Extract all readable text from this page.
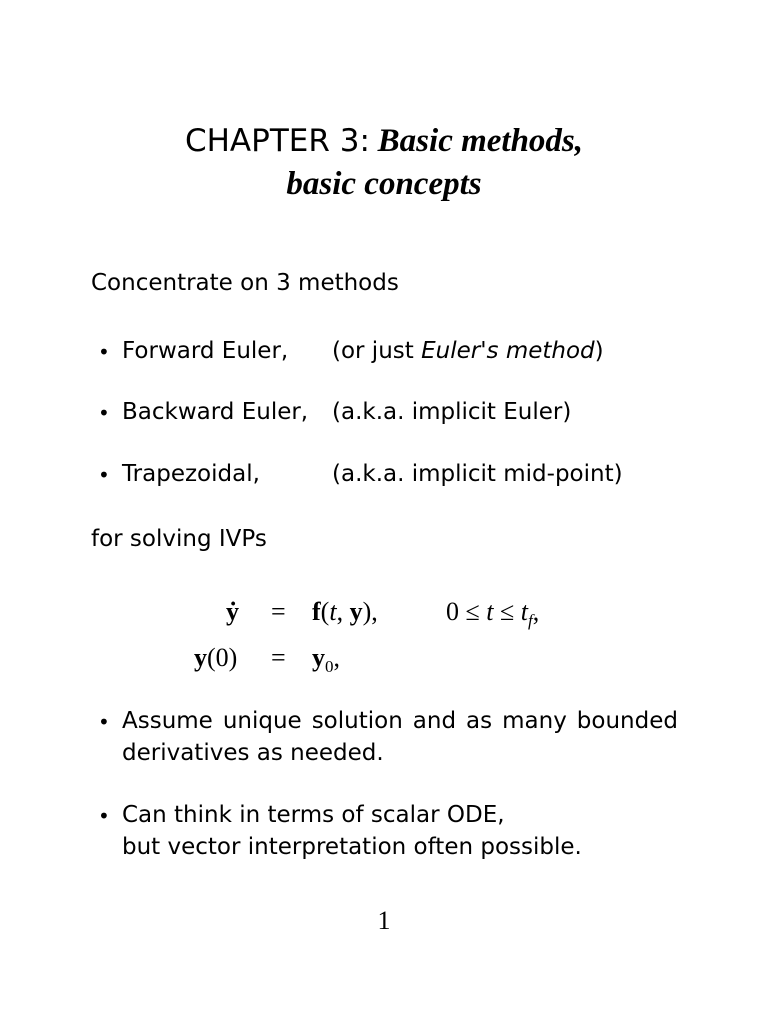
CHAPTER 3: Basic methods,
basic concepts
Concentrate on 3 methods
• Forward Euler, (or just Euler's method)
• Backward Euler, (a.k.a. implicit Euler)
• Trapezoidal,	(a.k.a. implicit mid-point)
for solving IVPs
ẏ = f(t, y),	$0 \le t \le t_f$,
$y(0) = y_0$,
• Assume unique solution and as many bounded derivatives as needed.
• Can think in terms of scalar ODE,
but vector interpretation often possible.
1
